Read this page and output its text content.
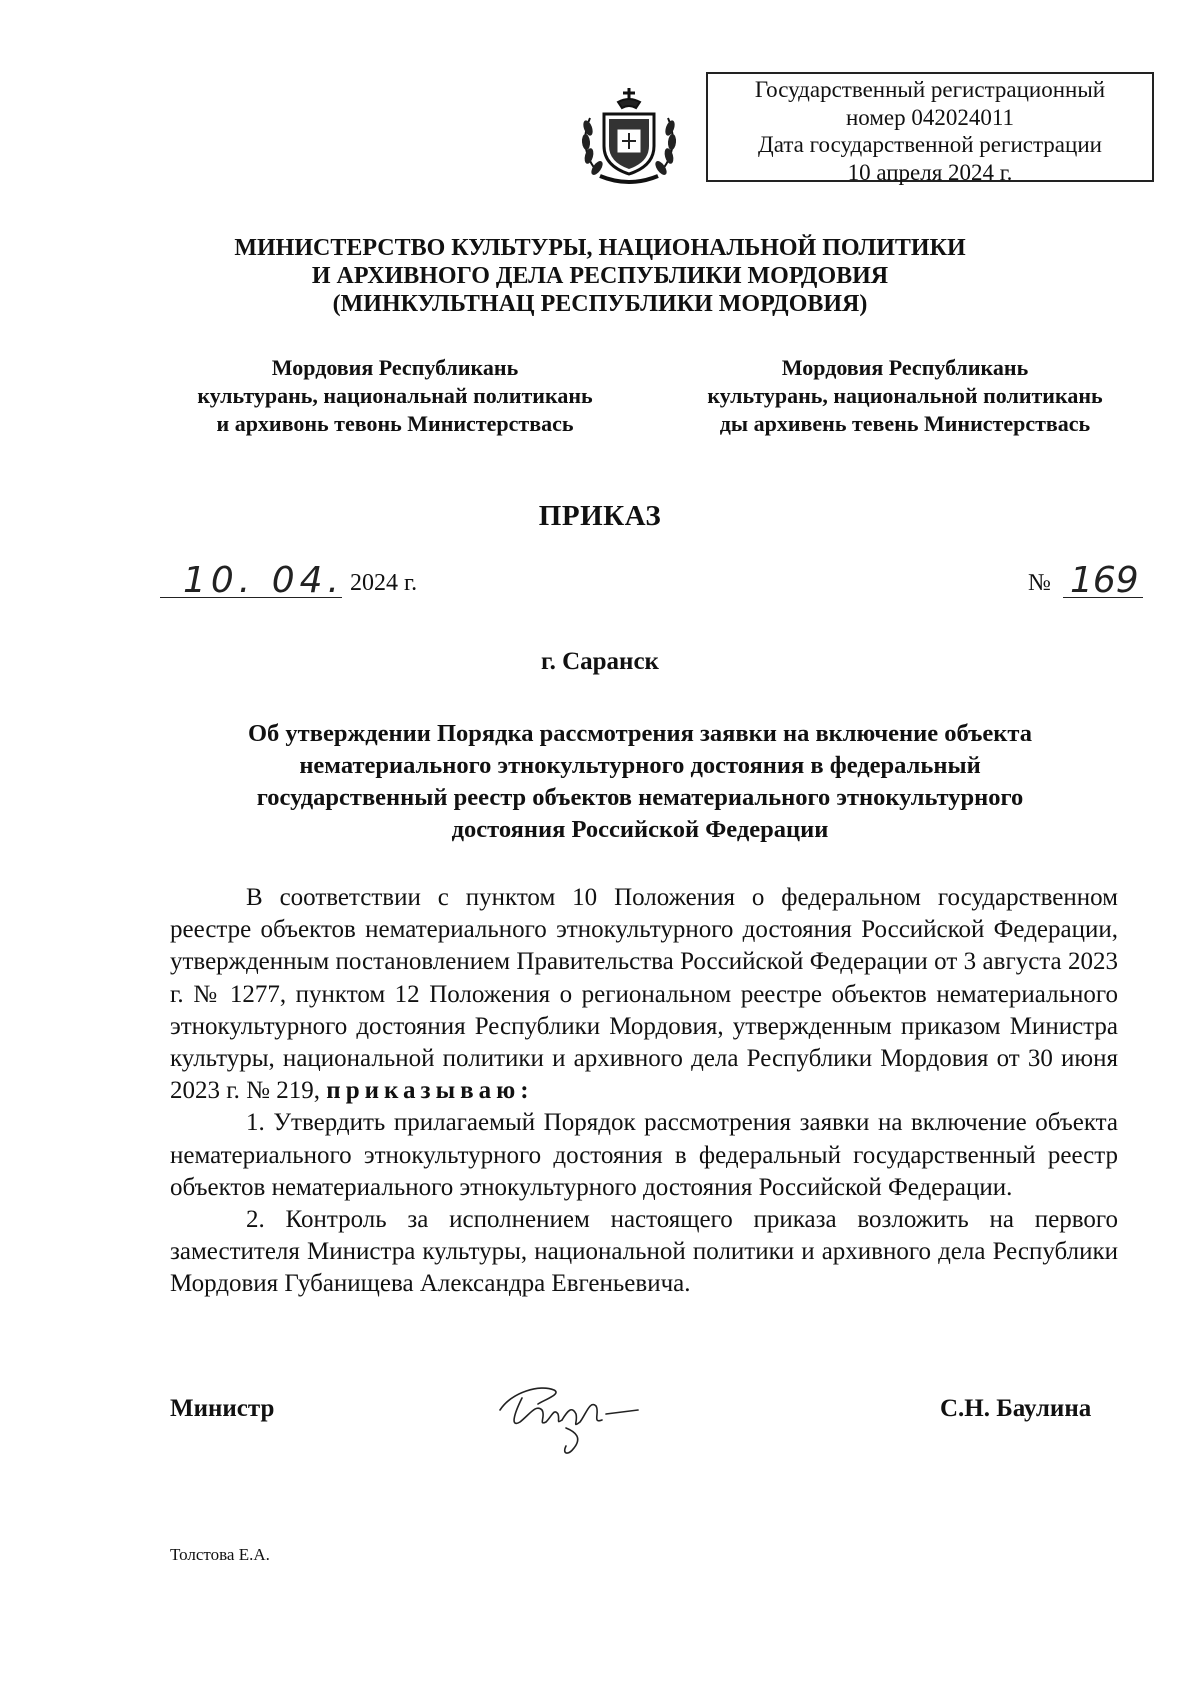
Государственный регистрационный
номер 042024011
Дата государственной регистрации
10 апреля 2024 г.
МИНИСТЕРСТВО КУЛЬТУРЫ, НАЦИОНАЛЬНОЙ ПОЛИТИКИ
И АРХИВНОГО ДЕЛА РЕСПУБЛИКИ МОРДОВИЯ
(МИНКУЛЬТНАЦ РЕСПУБЛИКИ МОРДОВИЯ)
Мордовия Республикань
культурань, национальнай политикань
и архивонь тевонь Министерствась
Мордовия Республикань
культурань, национальной политикань
ды архивень тевень Министерствась
ПРИКАЗ
10. 04. 2024 г.	№ 169
г. Саранск
Об утверждении Порядка рассмотрения заявки на включение объекта
нематериального этнокультурного достояния в федеральный
государственный реестр объектов нематериального этнокультурного
достояния Российской Федерации

В соответствии с пунктом 10 Положения о федеральном государственном реестре объектов нематериального этнокультурного достояния Российской Федерации, утвержденным постановлением Правительства Российской Федерации от 3 августа 2023 г. № 1277, пунктом 12 Положения о региональном реестре объектов нематериального этнокультурного достояния Республики Мордовия, утвержденным приказом Министра культуры, национальной политики и архивного дела Республики Мордовия от 30 июня 2023 г. № 219, приказываю:

1. Утвердить прилагаемый Порядок рассмотрения заявки на включение объекта нематериального этнокультурного достояния в федеральный государственный реестр объектов нематериального этнокультурного достояния Российской Федерации.

2. Контроль за исполнением настоящего приказа возложить на первого заместителя Министра культуры, национальной политики и архивного дела Республики Мордовия Губанищева Александра Евгеньевича.

Министр	С.Н. Баулина
Толстова Е.А.
